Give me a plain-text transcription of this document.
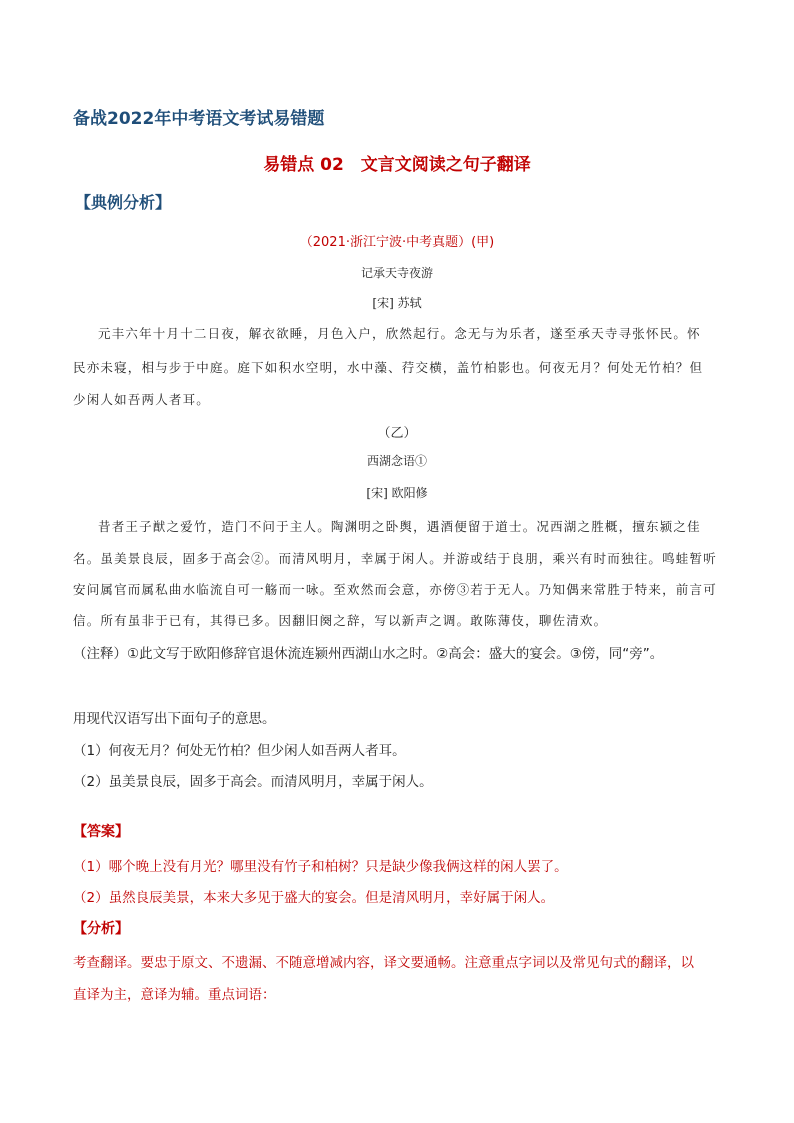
备战2022年中考语文考试易错题
易错点 02　文言文阅读之句子翻译
【典例分析】
（2021·浙江宁波·中考真题）(甲)
记承天寺夜游
[宋] 苏轼
元丰六年十月十二日夜，解衣欲睡，月色入户，欣然起行。念无与为乐者，遂至承天寺寻张怀民。怀
民亦未寝，相与步于中庭。庭下如积水空明，水中藻、荇交横，盖竹柏影也。何夜无月？何处无竹柏？但
少闲人如吾两人者耳。
（乙）
西湖念语①
[宋] 欧阳修
昔者王子猷之爱竹，造门不问于主人。陶渊明之卧舆，遇酒便留于道士。况西湖之胜概，擅东颍之佳
名。虽美景良辰，固多于高会②。而清风明月，幸属于闲人。并游或结于良朋，乘兴有时而独往。鸣蛙暂听
安问属官而属私曲水临流自可一觞而一咏。至欢然而会意，亦傍③若于无人。乃知偶来常胜于特来，前言可
信。所有虽非于已有，其得已多。因翻旧阕之辞，写以新声之调。敢陈薄伎，聊佐清欢。
（注释）①此文写于欧阳修辞官退休流连颍州西湖山水之时。②高会：盛大的宴会。③傍，同“旁”。
用现代汉语写出下面句子的意思。
（1）何夜无月？何处无竹柏？但少闲人如吾两人者耳。
（2）虽美景良辰，固多于高会。而清风明月，幸属于闲人。
【答案】
（1）哪个晚上没有月光？哪里没有竹子和柏树？只是缺少像我俩这样的闲人罢了。
（2）虽然良辰美景，本来大多见于盛大的宴会。但是清风明月，幸好属于闲人。
【分析】
考查翻译。要忠于原文、不遗漏、不随意增减内容，译文要通畅。注意重点字词以及常见句式的翻译，以
直译为主，意译为辅。重点词语：
